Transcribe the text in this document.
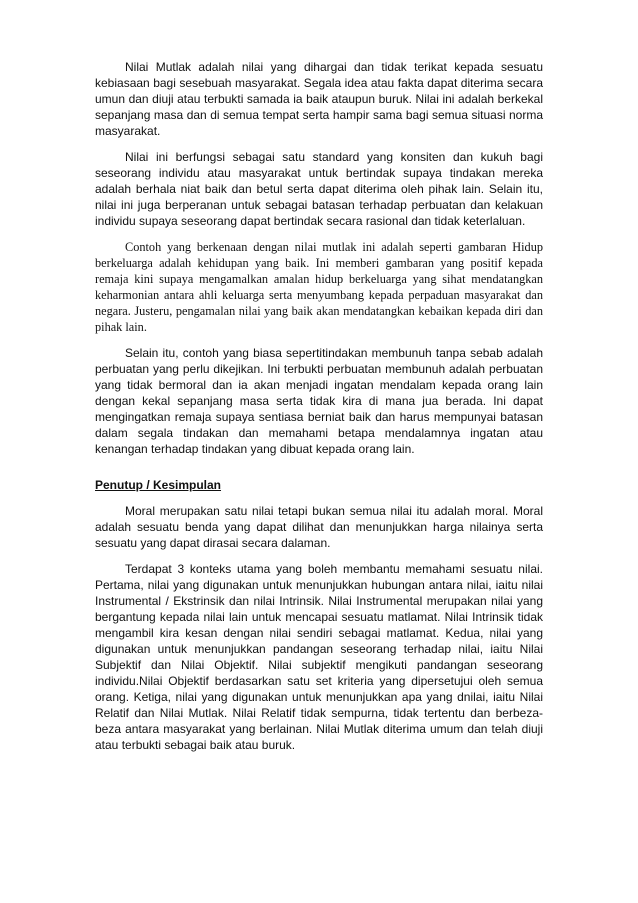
Nilai Mutlak adalah nilai yang dihargai dan tidak terikat kepada sesuatu kebiasaan bagi sesebuah masyarakat. Segala idea atau fakta dapat diterima secara umun dan diuji atau terbukti samada ia baik ataupun buruk. Nilai ini adalah berkekal sepanjang masa dan di semua tempat serta hampir sama bagi semua situasi norma masyarakat.

Nilai ini berfungsi sebagai satu standard yang konsiten dan kukuh bagi seseorang individu atau masyarakat untuk bertindak supaya tindakan mereka adalah berhala niat baik dan betul serta dapat diterima oleh pihak lain. Selain itu, nilai ini juga berperanan untuk sebagai batasan terhadap perbuatan dan kelakuan individu supaya seseorang dapat bertindak secara rasional dan tidak keterlaluan.

Contoh yang berkenaan dengan nilai mutlak ini adalah seperti gambaran Hidup berkeluarga adalah kehidupan yang baik. Ini memberi gambaran yang positif kepada remaja kini supaya mengamalkan amalan hidup berkeluarga yang sihat mendatangkan keharmonian antara ahli keluarga serta menyumbang kepada perpaduan masyarakat dan negara. Justeru, pengamalan nilai yang baik akan mendatangkan kebaikan kepada diri dan pihak lain.

Selain itu, contoh yang biasa sepertitindakan membunuh tanpa sebab adalah perbuatan yang perlu dikejikan. Ini terbukti perbuatan membunuh adalah perbuatan yang tidak bermoral dan ia akan menjadi ingatan mendalam kepada orang lain dengan kekal sepanjang masa serta tidak kira di mana jua berada. Ini dapat mengingatkan remaja supaya sentiasa berniat baik dan harus mempunyai batasan dalam segala tindakan dan memahami betapa mendalamnya ingatan atau kenangan terhadap tindakan yang dibuat kepada orang lain.

Penutup / Kesimpulan

Moral merupakan satu nilai tetapi bukan semua nilai itu adalah moral. Moral adalah sesuatu benda yang dapat dilihat dan menunjukkan harga nilainya serta sesuatu yang dapat dirasai secara dalaman.

Terdapat 3 konteks utama yang boleh membantu memahami sesuatu nilai. Pertama, nilai yang digunakan untuk menunjukkan hubungan antara nilai, iaitu nilai Instrumental / Ekstrinsik dan nilai Intrinsik. Nilai Instrumental merupakan nilai yang bergantung kepada nilai lain untuk mencapai sesuatu matlamat. Nilai Intrinsik tidak mengambil kira kesan dengan nilai sendiri sebagai matlamat. Kedua, nilai yang digunakan untuk menunjukkan pandangan seseorang terhadap nilai, iaitu Nilai Subjektif dan Nilai Objektif. Nilai subjektif mengikuti pandangan seseorang individu.Nilai Objektif berdasarkan satu set kriteria yang dipersetujui oleh semua orang. Ketiga, nilai yang digunakan untuk menunjukkan apa yang dnilai, iaitu Nilai Relatif dan Nilai Mutlak. Nilai Relatif tidak sempurna, tidak tertentu dan berbeza-beza antara masyarakat yang berlainan. Nilai Mutlak diterima umum dan telah diuji atau terbukti sebagai baik atau buruk.
